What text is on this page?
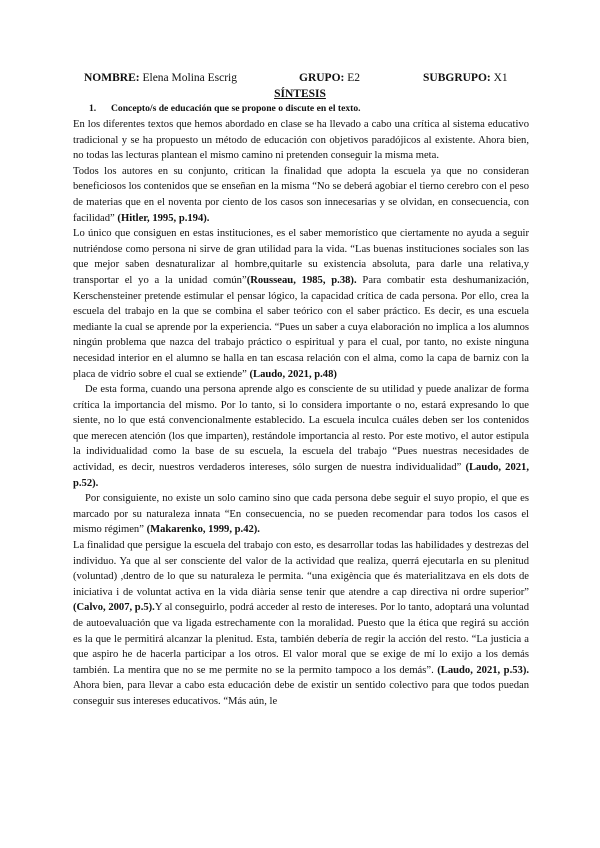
NOMBRE: Elena Molina Escrig	GRUPO: E2	SUBGRUPO: X1
SÍNTESIS
1. Concepto/s de educación que se propone o discute en el texto.

En los diferentes textos que hemos abordado en clase se ha llevado a cabo una crítica al sistema educativo tradicional y se ha propuesto un método de educación con objetivos paradójicos al existente. Ahora bien, no todas las lecturas plantean el mismo camino ni pretenden conseguir la misma meta.

Todos los autores en su conjunto, critican la finalidad que adopta la escuela ya que no consideran beneficiosos los contenidos que se enseñan en la misma “No se deberá agobiar el tierno cerebro con el peso de materias que en el noventa por ciento de los casos son innecesarias y se olvidan, en consecuencia, con facilidad” (Hitler, 1995, p.194).

Lo único que consiguen en estas instituciones, es el saber memorístico que ciertamente no ayuda a seguir nutriéndose como persona ni sirve de gran utilidad para la vida. “Las buenas instituciones sociales son las que mejor saben desnaturalizar al hombre,quitarle su existencia absoluta, para darle una relativa,y transportar el yo a la unidad común”(Rousseau, 1985, p.38). Para combatir esta deshumanización, Kerschensteiner pretende estimular el pensar lógico, la capacidad crítica de cada persona. Por ello, crea la escuela del trabajo en la que se combina el saber teórico con el saber práctico. Es decir, es una escuela mediante la cual se aprende por la experiencia. “Pues un saber a cuya elaboración no implica a los alumnos ningún problema que nazca del trabajo práctico o espiritual y para el cual, por tanto, no existe ninguna necesidad interior en el alumno se halla en tan escasa relación con el alma, como la capa de barniz con la placa de vidrio sobre el cual se extiende” (Laudo, 2021, p.48)

De esta forma, cuando una persona aprende algo es consciente de su utilidad y puede analizar de forma crítica la importancia del mismo. Por lo tanto, si lo considera importante o no, estará expresando lo que siente, no lo que está convencionalmente establecido. La escuela inculca cuáles deben ser los contenidos que merecen atención (los que imparten), restándole importancia al resto. Por este motivo, el autor estipula la individualidad como la base de su escuela, la escuela del trabajo “Pues nuestras necesidades de actividad, es decir, nuestros verdaderos intereses, sólo surgen de nuestra individualidad” (Laudo, 2021, p.52).

Por consiguiente, no existe un solo camino sino que cada persona debe seguir el suyo propio, el que es marcado por su naturaleza innata “En consecuencia, no se pueden recomendar para todos los casos el mismo régimen” (Makarenko, 1999, p.42).

La finalidad que persigue la escuela del trabajo con esto, es desarrollar todas las habilidades y destrezas del individuo. Ya que al ser consciente del valor de la actividad que realiza, querrá ejecutarla en su plenitud (voluntad) ,dentro de lo que su naturaleza le permita. “una exigència que és materialitzava en els dots de iniciativa i de voluntat activa en la vida diària sense tenir que atendre a cap directiva ni ordre superior” (Calvo, 2007, p.5).Y al conseguirlo, podrá acceder al resto de intereses. Por lo tanto, adoptará una voluntad de autoevaluación que va ligada estrechamente con la moralidad. Puesto que la ética que regirá su acción es la que le permitirá alcanzar la plenitud. Esta, también debería de regir la acción del resto. “La justicia a que aspiro he de hacerla participar a los otros. El valor moral que se exige de mí lo exijo a los demás también. La mentira que no se me permite no se la permito tampoco a los demás”. (Laudo, 2021, p.53). Ahora bien, para llevar a cabo esta educación debe de existir un sentido colectivo para que todos puedan conseguir sus intereses educativos. “Más aún, le
